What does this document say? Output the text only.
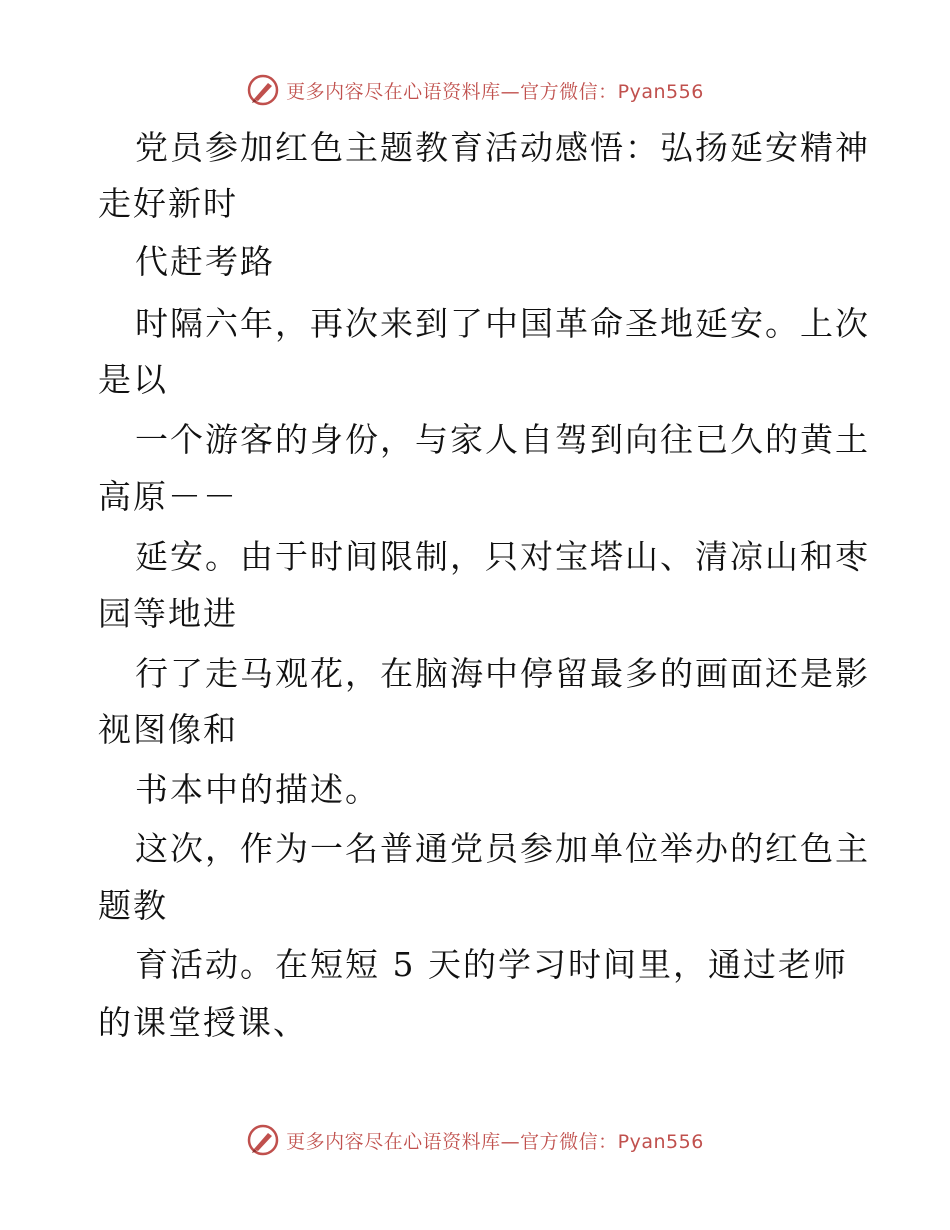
更多内容尽在心语资料库—官方微信：Pyan556
党员参加红色主题教育活动感悟：弘扬延安精神
走好新时
代赶考路
时隔六年，再次来到了中国革命圣地延安。上次
是以
一个游客的身份，与家人自驾到向往已久的黄土
高原－－
延安。由于时间限制，只对宝塔山、清凉山和枣
园等地进
行了走马观花，在脑海中停留最多的画面还是影
视图像和
书本中的描述。
这次，作为一名普通党员参加单位举办的红色主
题教
育活动。在短短 5 天的学习时间里，通过老师
的课堂授课、
更多内容尽在心语资料库—官方微信：Pyan556
